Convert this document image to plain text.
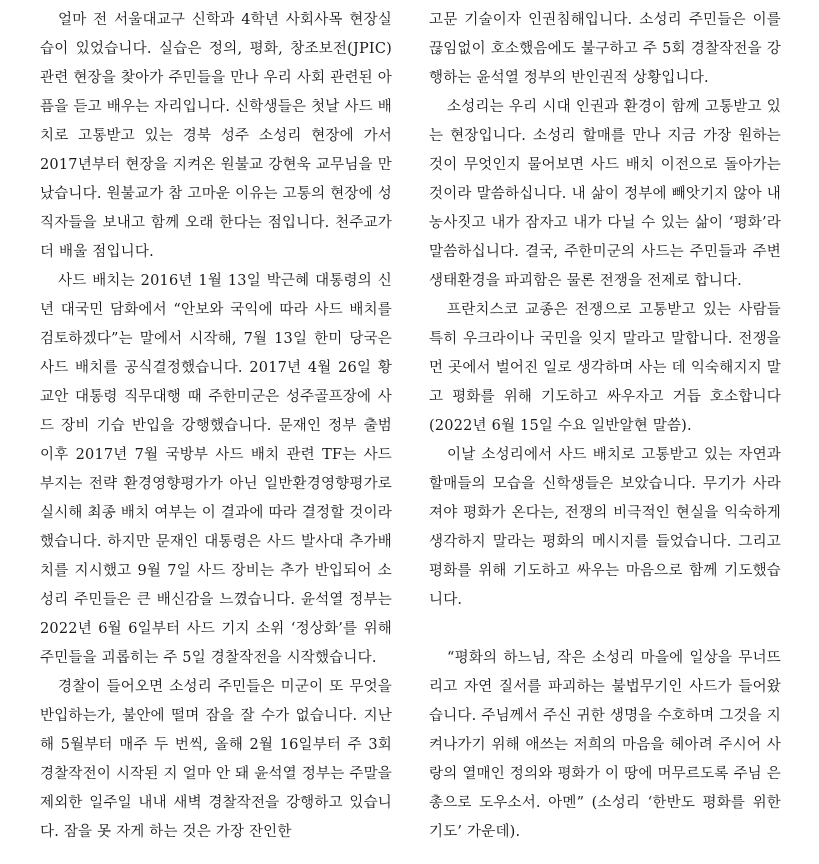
얼마 전 서울대교구 신학과 4학년 사회사목 현장실습이 있었습니다. 실습은 정의, 평화, 창조보전(JPIC) 관련 현장을 찾아가 주민들을 만나 우리 사회 관련된 아픔을 듣고 배우는 자리입니다. 신학생들은 첫날 사드 배치로 고통받고 있는 경북 성주 소성리 현장에 가서 2017년부터 현장을 지켜온 원불교 강현욱 교무님을 만났습니다. 원불교가 참 고마운 이유는 고통의 현장에 성직자들을 보내고 함께 오래 한다는 점입니다. 천주교가 더 배울 점입니다.

사드 배치는 2016년 1월 13일 박근혜 대통령의 신년 대국민 담화에서 “안보와 국익에 따라 사드 배치를 검토하겠다”는 말에서 시작해, 7월 13일 한미 당국은 사드 배치를 공식결정했습니다. 2017년 4월 26일 황교안 대통령 직무대행 때 주한미군은 성주골프장에 사드 장비 기습 반입을 강행했습니다. 문재인 정부 출범 이후 2017년 7월 국방부 사드 배치 관련 TF는 사드 부지는 전략 환경영향평가가 아닌 일반환경영향평가로 실시해 최종 배치 여부는 이 결과에 따라 결정할 것이라 했습니다. 하지만 문재인 대통령은 사드 발사대 추가배치를 지시했고 9월 7일 사드 장비는 추가 반입되어 소성리 주민들은 큰 배신감을 느꼈습니다. 윤석열 정부는 2022년 6월 6일부터 사드 기지 소위 ‘정상화’를 위해 주민들을 괴롭히는 주 5일 경찰작전을 시작했습니다.

경찰이 들어오면 소성리 주민들은 미군이 또 무엇을 반입하는가, 불안에 떨며 잠을 잘 수가 없습니다. 지난해 5월부터 매주 두 번씩, 올해 2월 16일부터 주 3회 경찰작전이 시작된 지 얼마 안 돼 윤석열 정부는 주말을 제외한 일주일 내내 새벽 경찰작전을 강행하고 있습니다. 잠을 못 자게 하는 것은 가장 잔인한

고문 기술이자 인권침해입니다. 소성리 주민들은 이를 끊임없이 호소했음에도 불구하고 주 5회 경찰작전을 강행하는 윤석열 정부의 반인권적 상황입니다.

소성리는 우리 시대 인권과 환경이 함께 고통받고 있는 현장입니다. 소성리 할매를 만나 지금 가장 원하는 것이 무엇인지 물어보면 사드 배치 이전으로 돌아가는 것이라 말씀하십니다. 내 삶이 정부에 빼앗기지 않아 내 농사짓고 내가 잠자고 내가 다닐 수 있는 삶이 ‘평화’라 말씀하십니다. 결국, 주한미군의 사드는 주민들과 주변 생태환경을 파괴함은 물론 전쟁을 전제로 합니다.

프란치스코 교종은 전쟁으로 고통받고 있는 사람들 특히 우크라이나 국민을 잊지 말라고 말합니다. 전쟁을 먼 곳에서 벌어진 일로 생각하며 사는 데 익숙해지지 말고 평화를 위해 기도하고 싸우자고 거듭 호소합니다(2022년 6월 15일 수요 일반알현 말씀).

이날 소성리에서 사드 배치로 고통받고 있는 자연과 할매들의 모습을 신학생들은 보았습니다. 무기가 사라져야 평화가 온다는, 전쟁의 비극적인 현실을 익숙하게 생각하지 말라는 평화의 메시지를 들었습니다. 그리고 평화를 위해 기도하고 싸우는 마음으로 함께 기도했습니다.

“평화의 하느님, 작은 소성리 마을에 일상을 무너뜨리고 자연 질서를 파괴하는 불법무기인 사드가 들어왔습니다. 주님께서 주신 귀한 생명을 수호하며 그것을 지켜나가기 위해 애쓰는 저희의 마음을 헤아려 주시어 사랑의 열매인 정의와 평화가 이 땅에 머무르도록 주님 은총으로 도우소서. 아멘” (소성리 ‘한반도 평화를 위한 기도’ 가운데).
